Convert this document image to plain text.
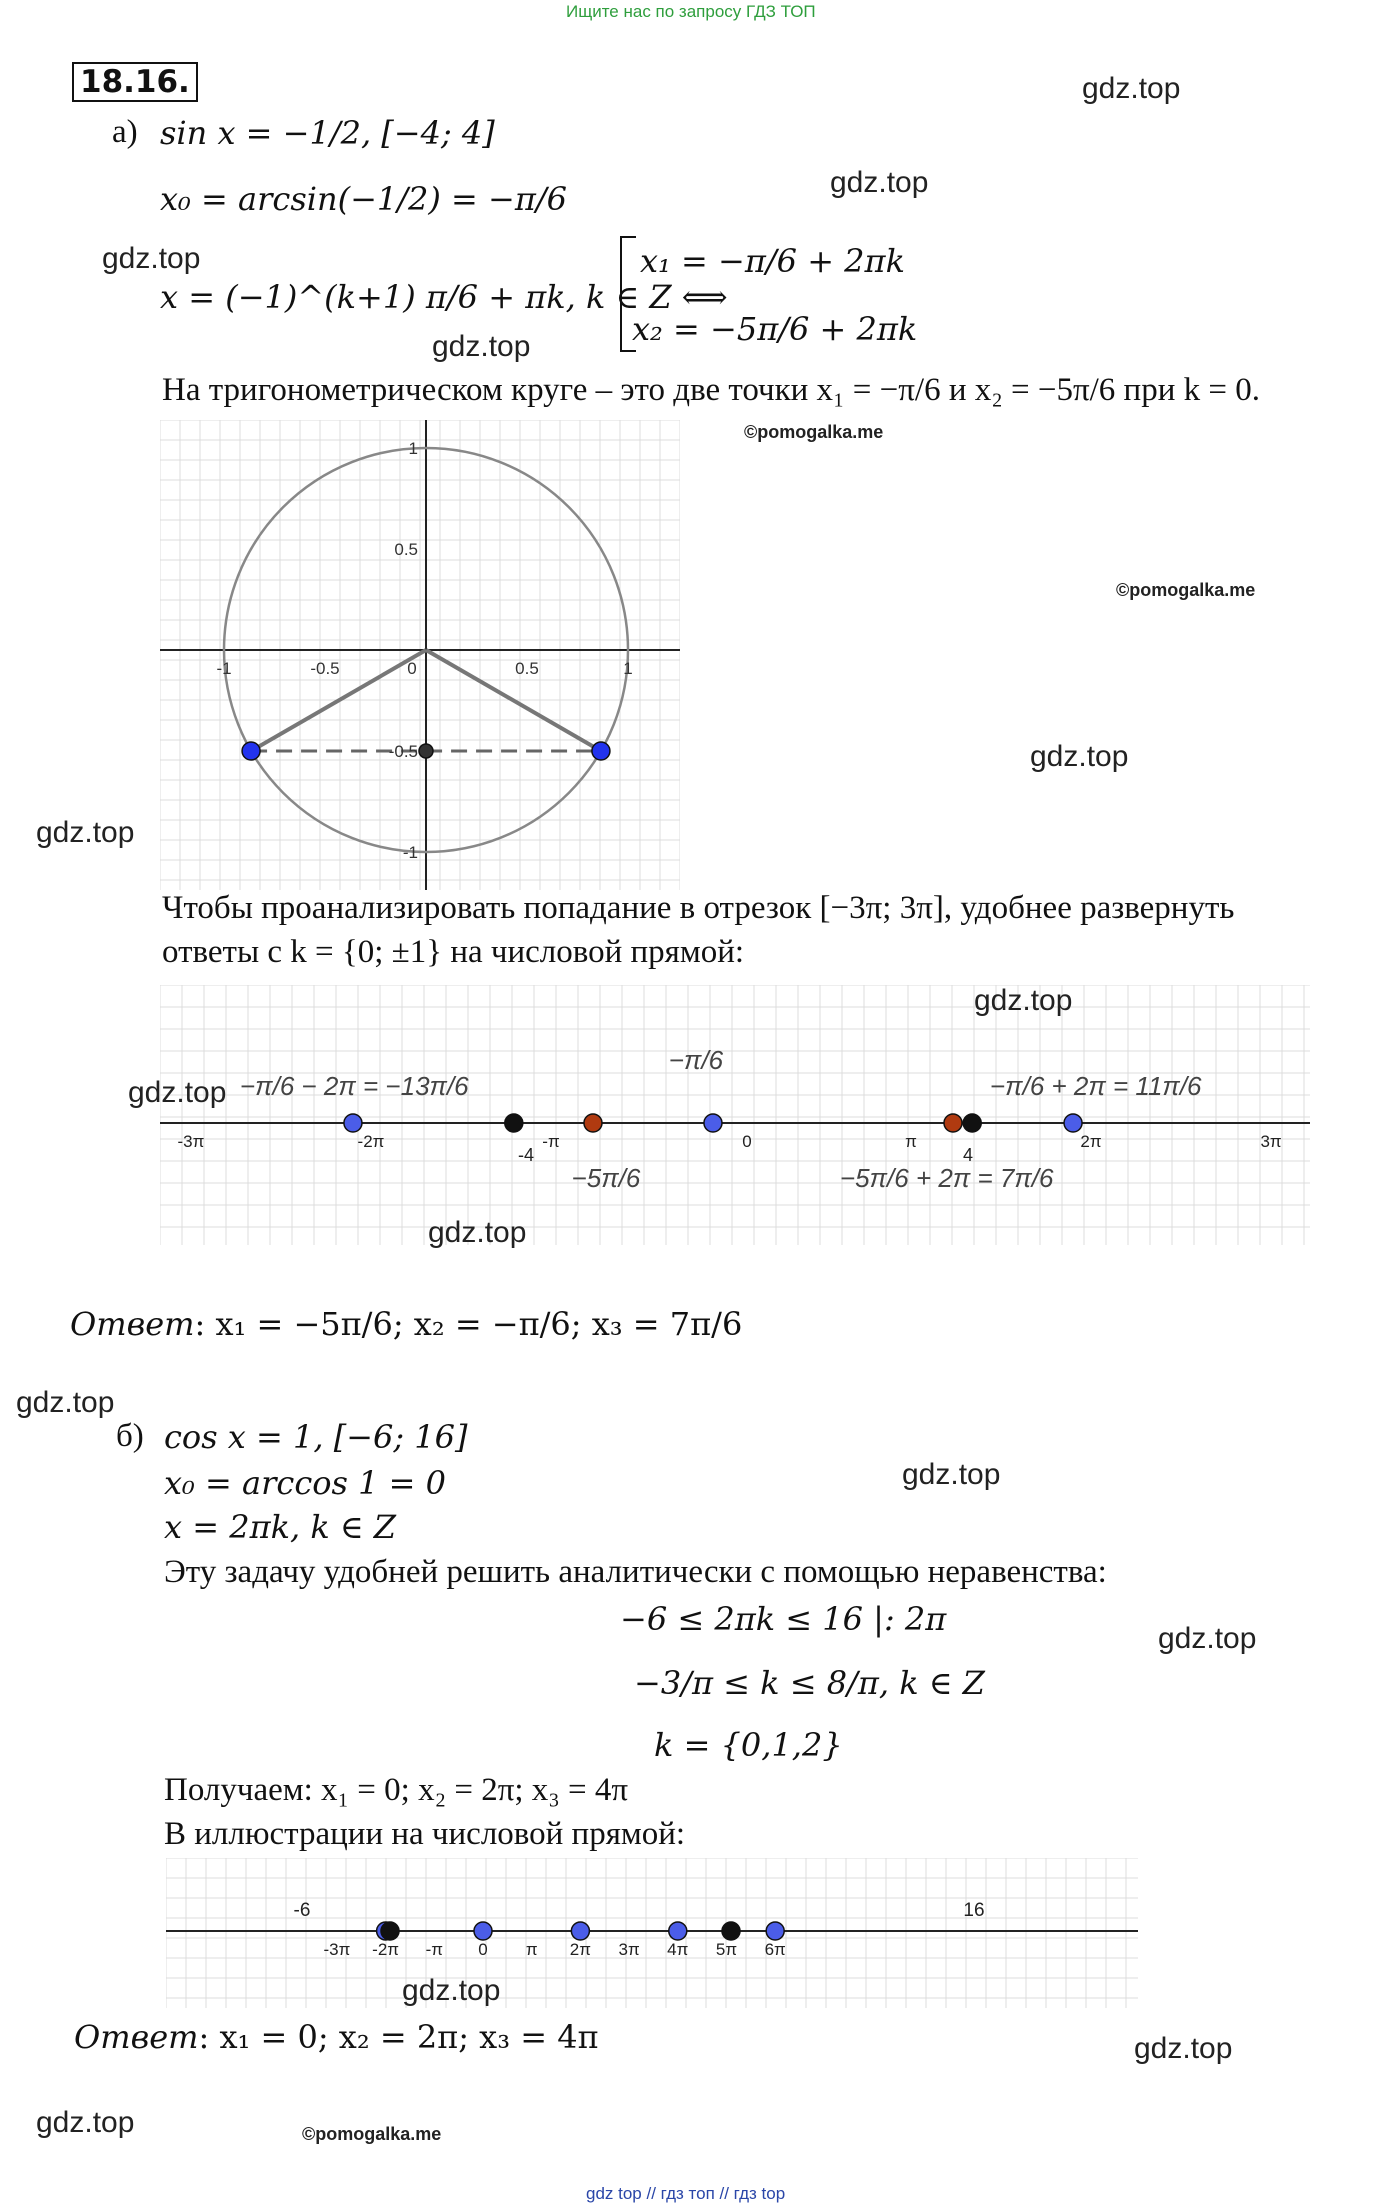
Ищите нас по запросу ГДЗ ТОП
18.16.
а) sin x = −1/2, [−4; 4]
x₀ = arcsin(−1/2) = −π/6
x = (−1)^(k+1) π/6 + πk, k ∈ Z ⟺
x₁ = −π/6 + 2πk
x₂ = −5π/6 + 2πk
На тригонометрическом круге – это две точки x₁ = −π/6 и x₂ = −5π/6 при k = 0.
-1	-0.5	0	0.5	1
1
0.5
-0.5
-1
Чтобы проанализировать попадание в отрезок [−3π; 3π], удобнее развернуть
ответы с k = {0; ±1} на числовой прямой:
-3π	-2π	-π	0	π	2π	3π
−π/6 − 2π = −13π/6
−π/6
−π/6 + 2π = 11π/6
−5π/6	−5π/6 + 2π = 7π/6
-4	4
Ответ: x₁ = −5π/6; x₂ = −π/6; x₃ = 7π/6
б) cos x = 1, [−6; 16]
x₀ = arccos 1 = 0
x = 2πk, k ∈ Z
Эту задачу удобней решить аналитически с помощью неравенства:
−6 ≤ 2πk ≤ 16 |: 2π
−3/π ≤ k ≤ 8/π, k ∈ Z
k = {0,1,2}
Получаем: x₁ = 0; x₂ = 2π; x₃ = 4π
В иллюстрации на числовой прямой:
-3π -2π -π 0 π 2π 3π 4π 5π 6π
-6	16
Ответ: x₁ = 0; x₂ = 2π; x₃ = 4π
gdz.top
gdz.top
gdz.top
gdz.top
gdz.top
gdz.top
gdz.top
gdz.top
gdz.top
gdz.top
gdz.top
gdz.top
gdz.top
gdz.top
gdz.top
©pomogalka.me
©pomogalka.me
©pomogalka.me
gdz top // гдз топ // гдз top
